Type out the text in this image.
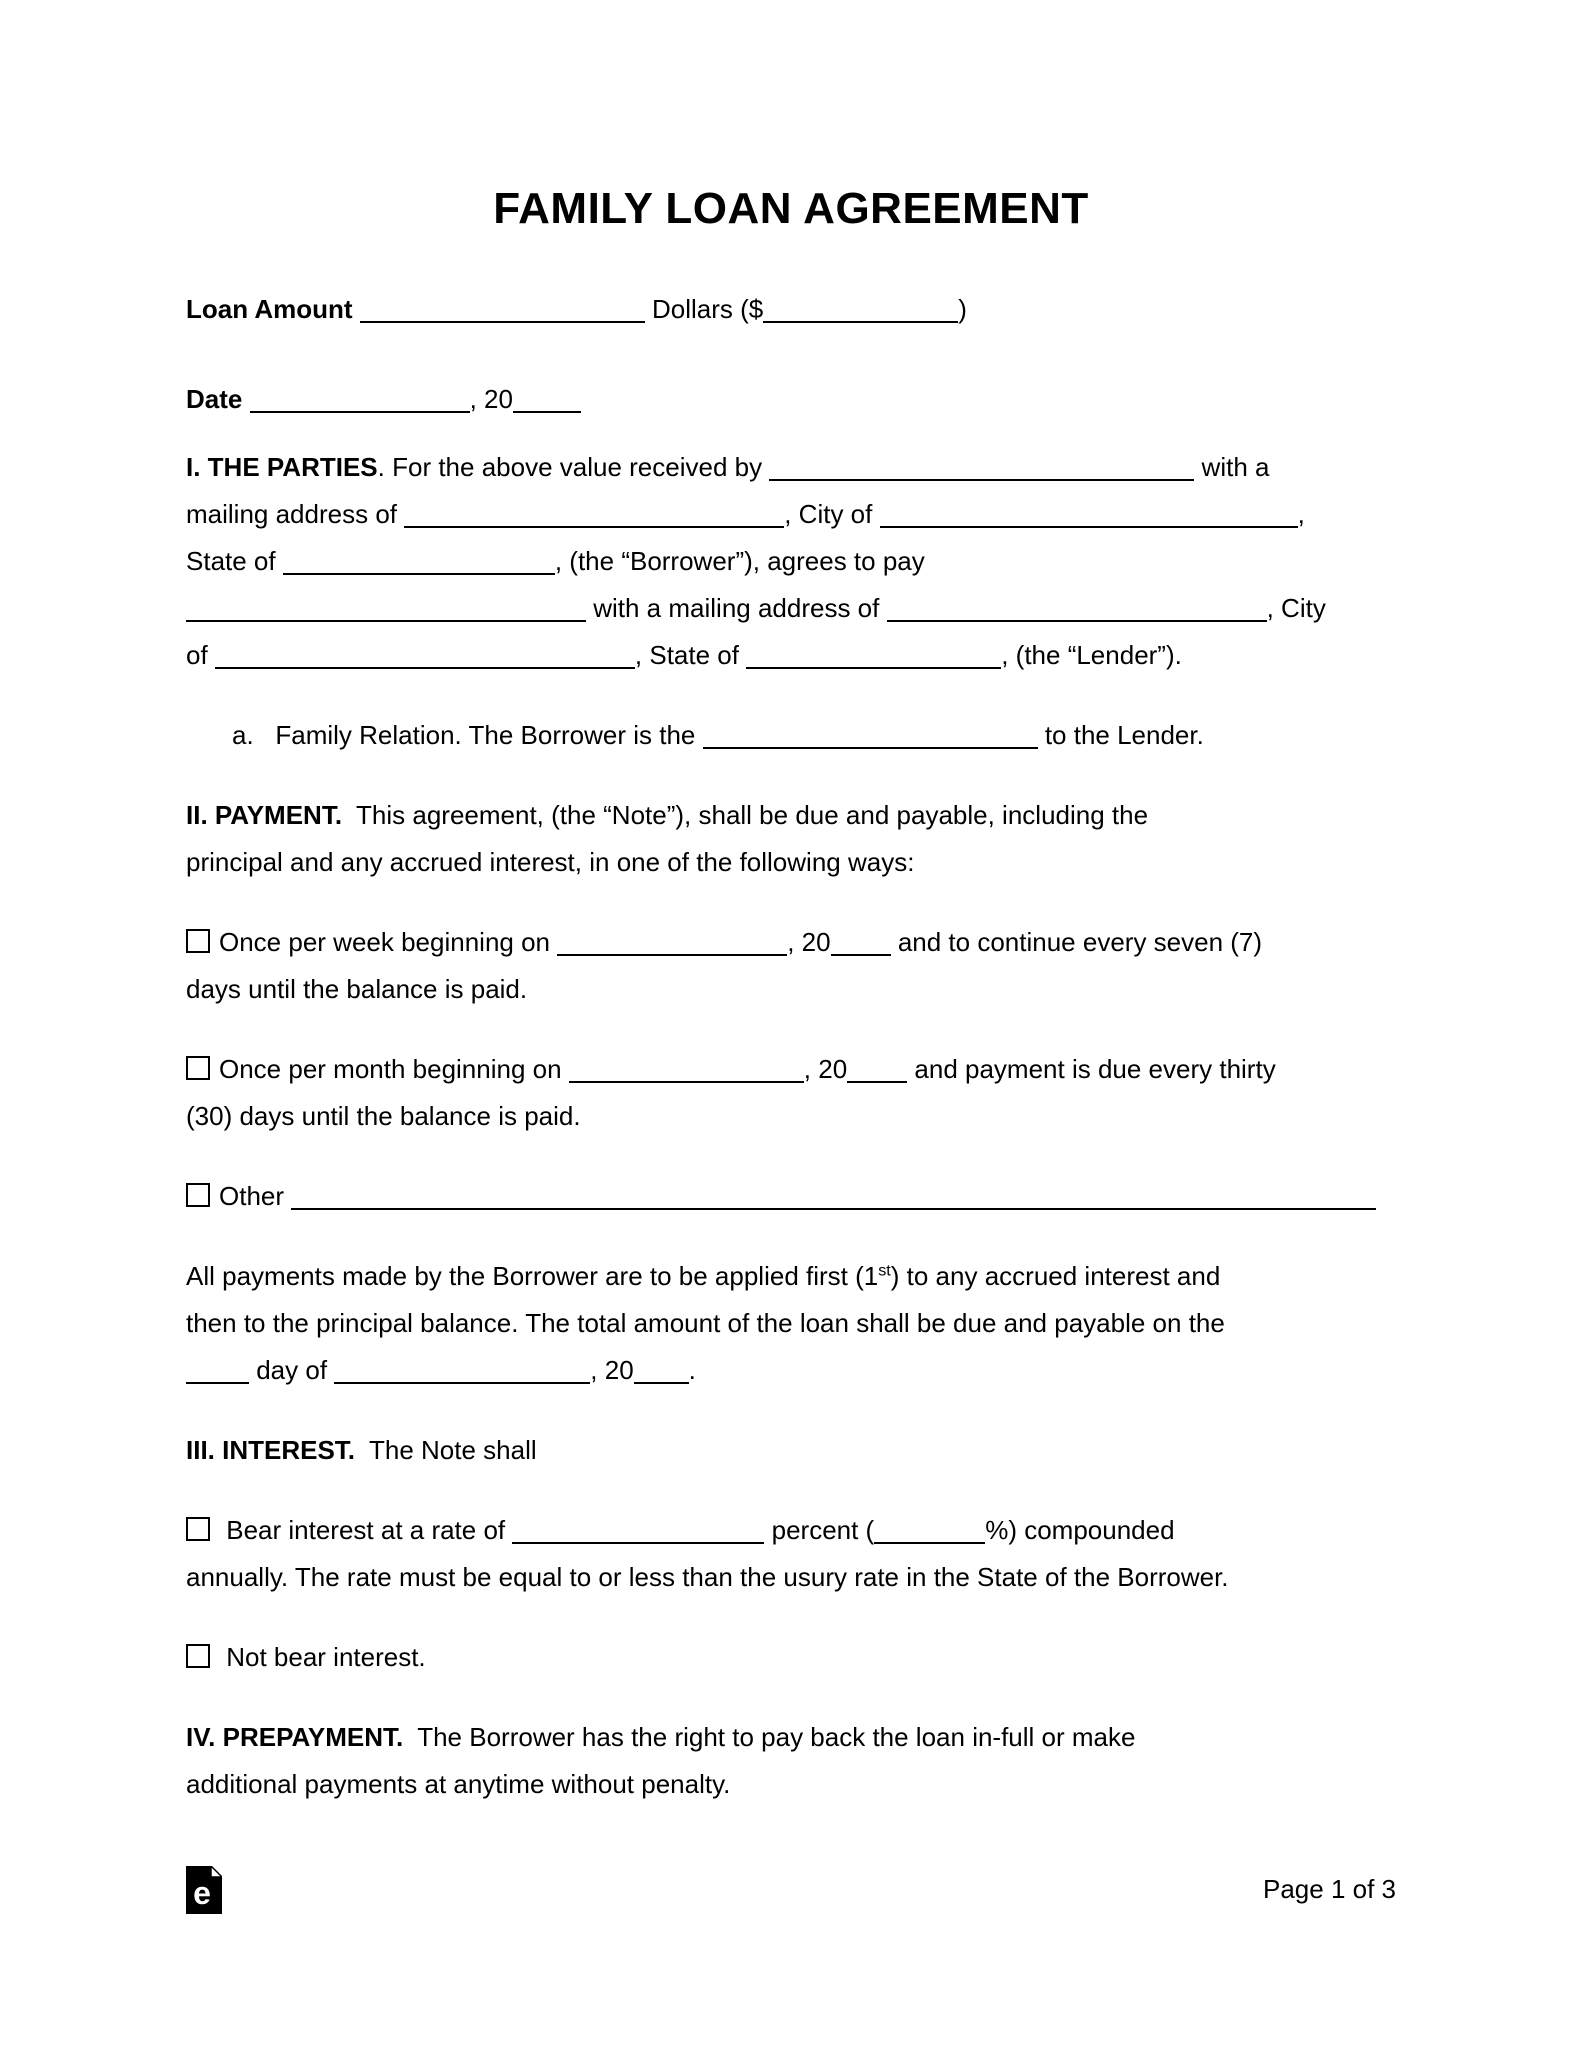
FAMILY LOAN AGREEMENT
Loan Amount	Dollars ($	)
Date	, 20
I. THE PARTIES. For the above value received by	with a
mailing address of	, City of	,
State of	, (the “Borrower”), agrees to pay
with a mailing address of	, City
of	, State of	, (the “Lender”).
a.   Family Relation. The Borrower is the	to the Lender.
II. PAYMENT.  This agreement, (the “Note”), shall be due and payable, including the
principal and any accrued interest, in one of the following ways:
Once per week beginning on	, 20 and to continue every seven (7)
days until the balance is paid.
Once per month beginning on	, 20 and payment is due every thirty
(30) days until the balance is paid.
Other
All payments made by the Borrower are to be applied first (1st) to any accrued interest and
then to the principal balance. The total amount of the loan shall be due and payable on the
day of	, 20 .
III. INTEREST.  The Note shall
Bear interest at a rate of	percent (	%) compounded
annually. The rate must be equal to or less than the usury rate in the State of the Borrower.
Not bear interest.
IV. PREPAYMENT.  The Borrower has the right to pay back the loan in-full or make
additional payments at anytime without penalty.
e	Page 1 of 3
